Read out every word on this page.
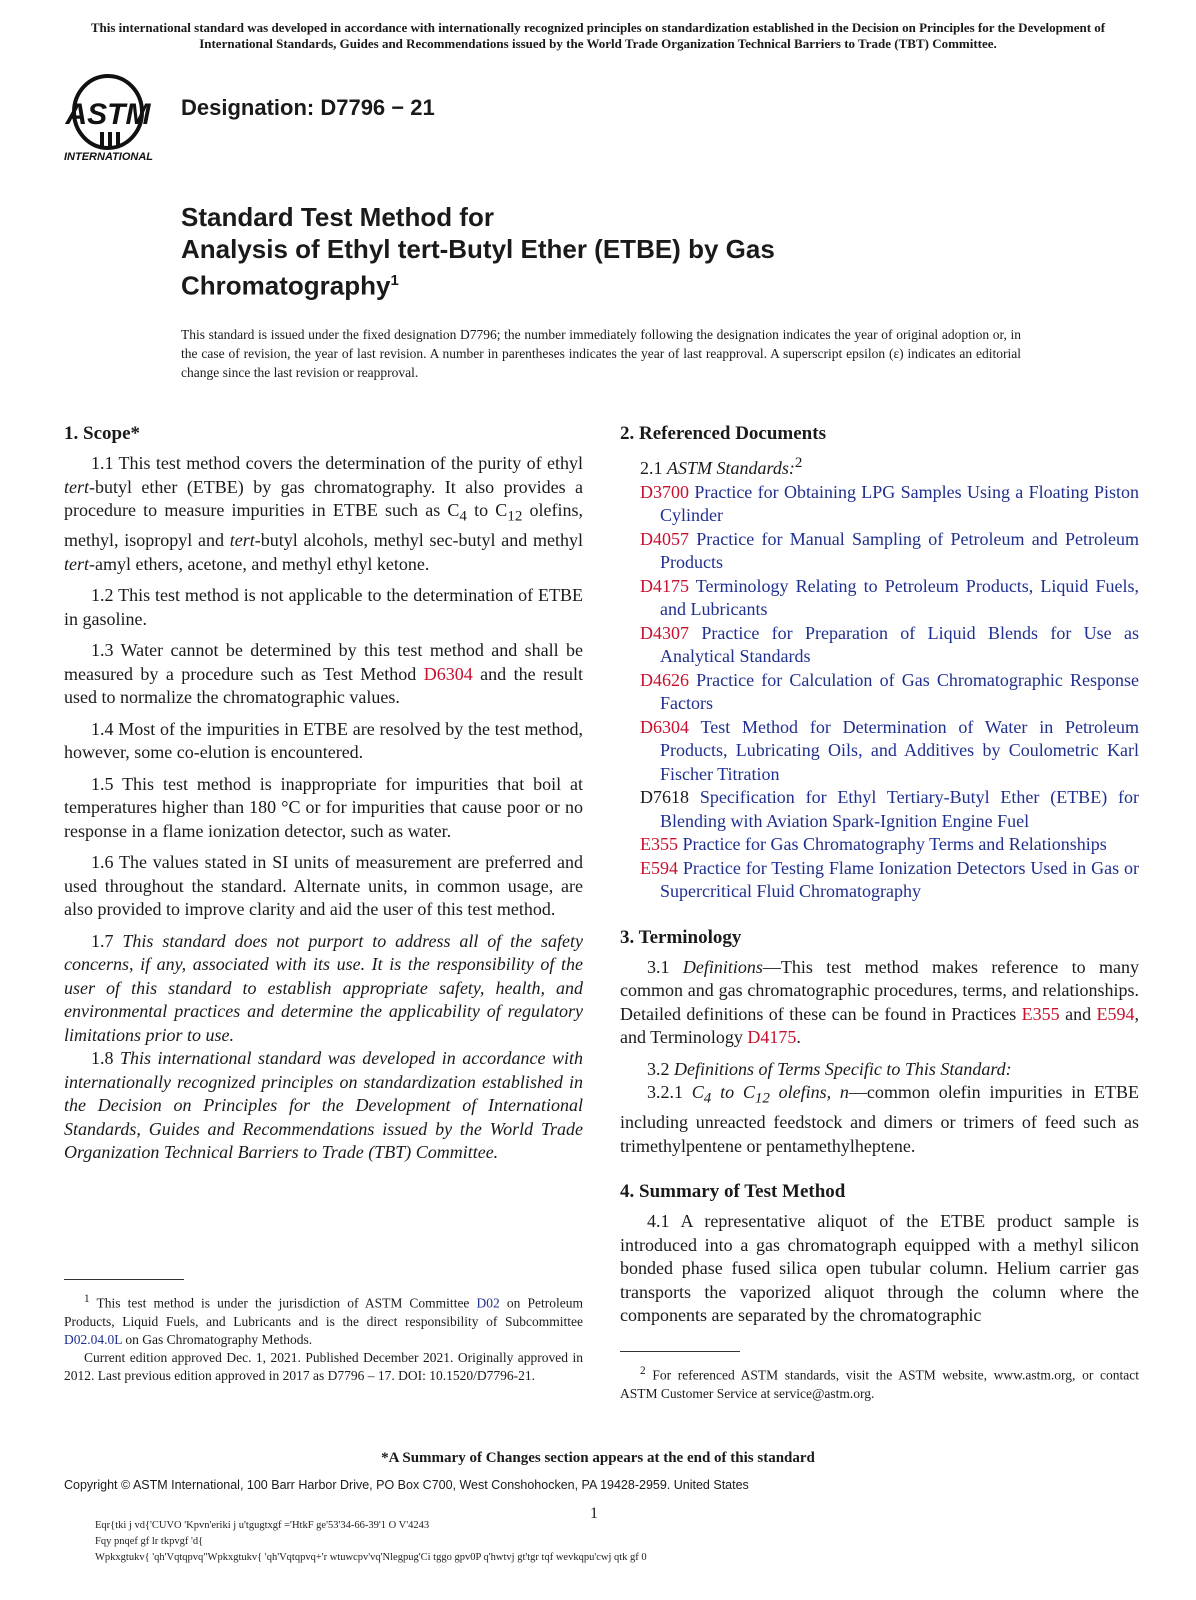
This international standard was developed in accordance with internationally recognized principles on standardization established in the Decision on Principles for the Development of International Standards, Guides and Recommendations issued by the World Trade Organization Technical Barriers to Trade (TBT) Committee.
ASTM
INTERNATIONAL
Designation: D7796 − 21
Standard Test Method for
Analysis of Ethyl tert-Butyl Ether (ETBE) by Gas
Chromatography$^1$

This standard is issued under the fixed designation D7796; the number immediately following the designation indicates the year of original adoption or, in the case of revision, the year of last revision. A number in parentheses indicates the year of last reapproval. A superscript epsilon (ε) indicates an editorial change since the last revision or reapproval.

1. Scope*

1.1 This test method covers the determination of the purity of ethyl tert-butyl ether (ETBE) by gas chromatography. It also provides a procedure to measure impurities in ETBE such as $C_4$ to $C_{12}$ olefins, methyl, isopropyl and tert-butyl alcohols, methyl sec-butyl and methyl tert-amyl ethers, acetone, and methyl ethyl ketone.

1.2 This test method is not applicable to the determination of ETBE in gasoline.

1.3 Water cannot be determined by this test method and shall be measured by a procedure such as Test Method D6304 and the result used to normalize the chromatographic values.

1.4 Most of the impurities in ETBE are resolved by the test method, however, some co-elution is encountered.

1.5 This test method is inappropriate for impurities that boil at temperatures higher than 180 °C or for impurities that cause poor or no response in a flame ionization detector, such as water.

1.6 The values stated in SI units of measurement are preferred and used throughout the standard. Alternate units, in common usage, are also provided to improve clarity and aid the user of this test method.

1.7 This standard does not purport to address all of the safety concerns, if any, associated with its use. It is the responsibility of the user of this standard to establish appropriate safety, health, and environmental practices and determine the applicability of regulatory limitations prior to use.

1.8 This international standard was developed in accordance with internationally recognized principles on standardization established in the Decision on Principles for the Development of International Standards, Guides and Recommendations issued by the World Trade Organization Technical Barriers to Trade (TBT) Committee.

$^1$ This test method is under the jurisdiction of ASTM Committee D02 on Petroleum Products, Liquid Fuels, and Lubricants and is the direct responsibility of Subcommittee D02.04.0L on Gas Chromatography Methods.

Current edition approved Dec. 1, 2021. Published December 2021. Originally approved in 2012. Last previous edition approved in 2017 as D7796 – 17. DOI: 10.1520/D7796-21.

2. Referenced Documents
2.1 ASTM Standards:$^2$
D3700 Practice for Obtaining LPG Samples Using a Floating Piston Cylinder
D4057 Practice for Manual Sampling of Petroleum and Petroleum Products
D4175 Terminology Relating to Petroleum Products, Liquid Fuels, and Lubricants
D4307 Practice for Preparation of Liquid Blends for Use as Analytical Standards
D4626 Practice for Calculation of Gas Chromatographic Response Factors
D6304 Test Method for Determination of Water in Petroleum Products, Lubricating Oils, and Additives by Coulometric Karl Fischer Titration
D7618 Specification for Ethyl Tertiary-Butyl Ether (ETBE) for Blending with Aviation Spark-Ignition Engine Fuel
E355 Practice for Gas Chromatography Terms and Relationships
E594 Practice for Testing Flame Ionization Detectors Used in Gas or Supercritical Fluid Chromatography
3. Terminology

3.1 Definitions—This test method makes reference to many common and gas chromatographic procedures, terms, and relationships. Detailed definitions of these can be found in Practices E355 and E594, and Terminology D4175.

3.2 Definitions of Terms Specific to This Standard:

3.2.1 $C_4$ to $C_{12}$ olefins, n—common olefin impurities in ETBE including unreacted feedstock and dimers or trimers of feed such as trimethylpentene or pentamethylheptene.

4. Summary of Test Method

4.1 A representative aliquot of the ETBE product sample is introduced into a gas chromatograph equipped with a methyl silicon bonded phase fused silica open tubular column. Helium carrier gas transports the vaporized aliquot through the column where the components are separated by the chromatographic

$^2$ For referenced ASTM standards, visit the ASTM website, www.astm.org, or contact ASTM Customer Service at service@astm.org.

*A Summary of Changes section appears at the end of this standard
Copyright © ASTM International, 100 Barr Harbor Drive, PO Box C700, West Conshohocken, PA 19428-2959. United States
1
Eqr{tki j vd{'CUVO 'Kpvn'eriki j u'tgugtxgf ='HtkF ge'53'34-66-39'1 O V'4243
Fqy pnqef gf lr tkpvgf 'd{
Wpkxgtukv{ 'qh'Vqtqpvq"Wpkxgtukv{ 'qh'Vqtqpvq+'r wtuwcpv'vq'Nlegpug'Ci tggo gpv0P q'hwtvj gt'tgr tqf wevkqpu'cwj qtk gf 0
